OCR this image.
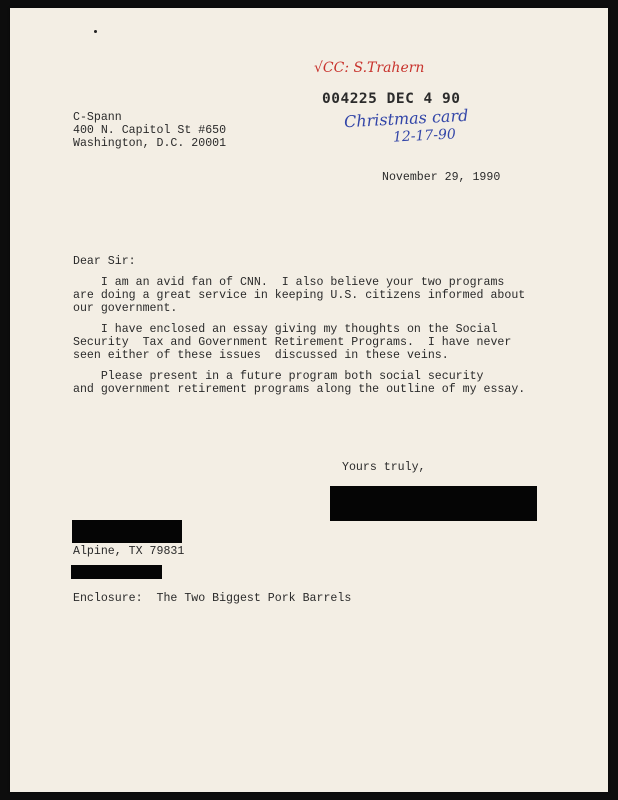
√CC: S.Trahern
004225 DEC 4 90
Christmas card
12-17-90
C-Spann
400 N. Capitol St #650
Washington, D.C. 20001
November 29, 1990
Dear Sir:
I am an avid fan of CNN.  I also believe your two programs
are doing a great service in keeping U.S. citizens informed about
our government.
I have enclosed an essay giving my thoughts on the Social
Security  Tax and Government Retirement Programs.  I have never
seen either of these issues  discussed in these veins.
Please present in a future program both social security
and government retirement programs along the outline of my essay.
Yours truly,
Alpine, TX 79831
Enclosure:  The Two Biggest Pork Barrels
